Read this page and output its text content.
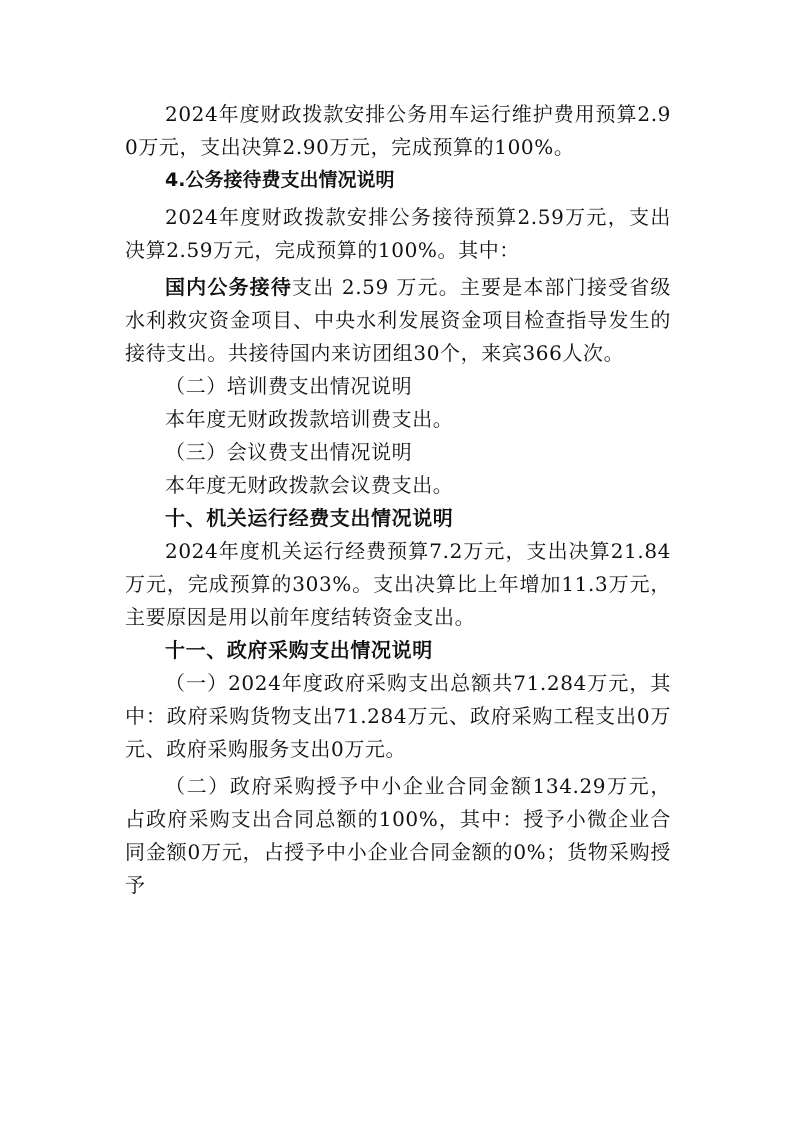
2024年度财政拨款安排公务用车运行维护费用预算2.90万元，支出决算2.90万元，完成预算的100%。

4.公务接待费支出情况说明

2024年度财政拨款安排公务接待预算2.59万元，支出决算2.59万元，完成预算的100%。其中：

国内公务接待支出 2.59 万元。主要是本部门接受省级水利救灾资金项目、中央水利发展资金项目检查指导发生的接待支出。共接待国内来访团组30个，来宾366人次。

（二）培训费支出情况说明

本年度无财政拨款培训费支出。

（三）会议费支出情况说明

本年度无财政拨款会议费支出。

十、机关运行经费支出情况说明

2024年度机关运行经费预算7.2万元，支出决算21.84万元，完成预算的303%。支出决算比上年增加11.3万元，主要原因是用以前年度结转资金支出。

十一、政府采购支出情况说明

（一）2024年度政府采购支出总额共71.284万元，其中：政府采购货物支出71.284万元、政府采购工程支出0万元、政府采购服务支出0万元。

（二）政府采购授予中小企业合同金额134.29万元，占政府采购支出合同总额的100%，其中：授予小微企业合同金额0万元，占授予中小企业合同金额的0%；货物采购授予
